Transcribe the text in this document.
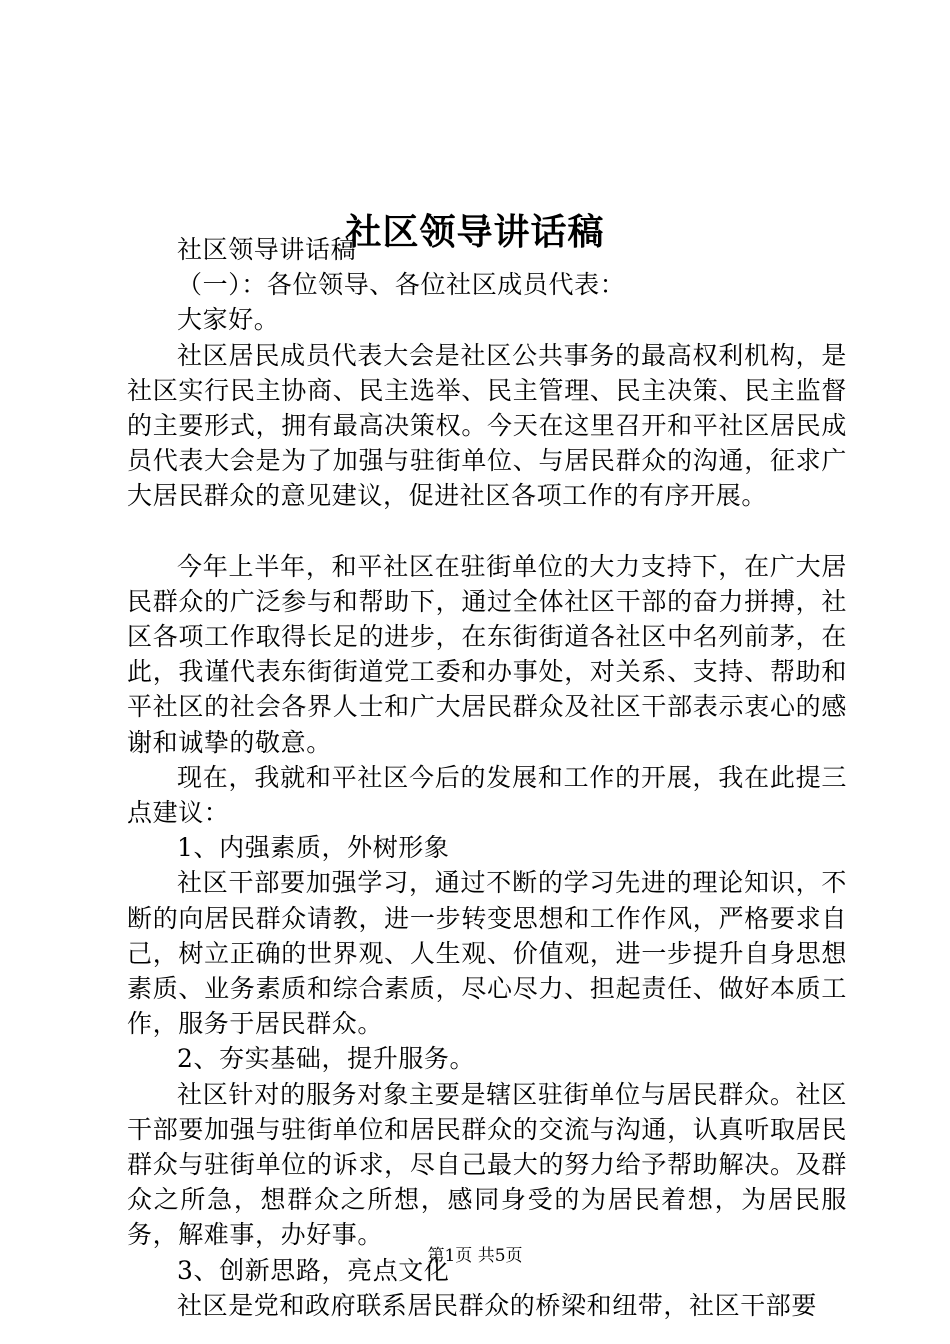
社区领导讲话稿

社区领导讲话稿

（一）：各位领导、各位社区成员代表：

大家好。

社区居民成员代表大会是社区公共事务的最高权利机构，是社区实行民主协商、民主选举、民主管理、民主决策、民主监督的主要形式，拥有最高决策权。今天在这里召开和平社区居民成员代表大会是为了加强与驻街单位、与居民群众的沟通，征求广大居民群众的意见建议，促进社区各项工作的有序开展。

今年上半年，和平社区在驻街单位的大力支持下，在广大居民群众的广泛参与和帮助下，通过全体社区干部的奋力拼搏，社区各项工作取得长足的进步，在东街街道各社区中名列前茅，在此，我谨代表东街街道党工委和办事处，对关系、支持、帮助和平社区的社会各界人士和广大居民群众及社区干部表示衷心的感谢和诚挚的敬意。

现在，我就和平社区今后的发展和工作的开展，我在此提三点建议：

1、内强素质，外树形象

社区干部要加强学习，通过不断的学习先进的理论知识，不断的向居民群众请教，进一步转变思想和工作作风，严格要求自己，树立正确的世界观、人生观、价值观，进一步提升自身思想素质、业务素质和综合素质，尽心尽力、担起责任、做好本质工作，服务于居民群众。

2、夯实基础，提升服务。

社区针对的服务对象主要是辖区驻街单位与居民群众。社区干部要加强与驻街单位和居民群众的交流与沟通，认真听取居民群众与驻街单位的诉求，尽自己最大的努力给予帮助解决。及群众之所急，想群众之所想，感同身受的为居民着想，为居民服务，解难事，办好事。

3、创新思路，亮点文化

社区是党和政府联系居民群众的桥梁和纽带，社区干部要

第1页 共5页
